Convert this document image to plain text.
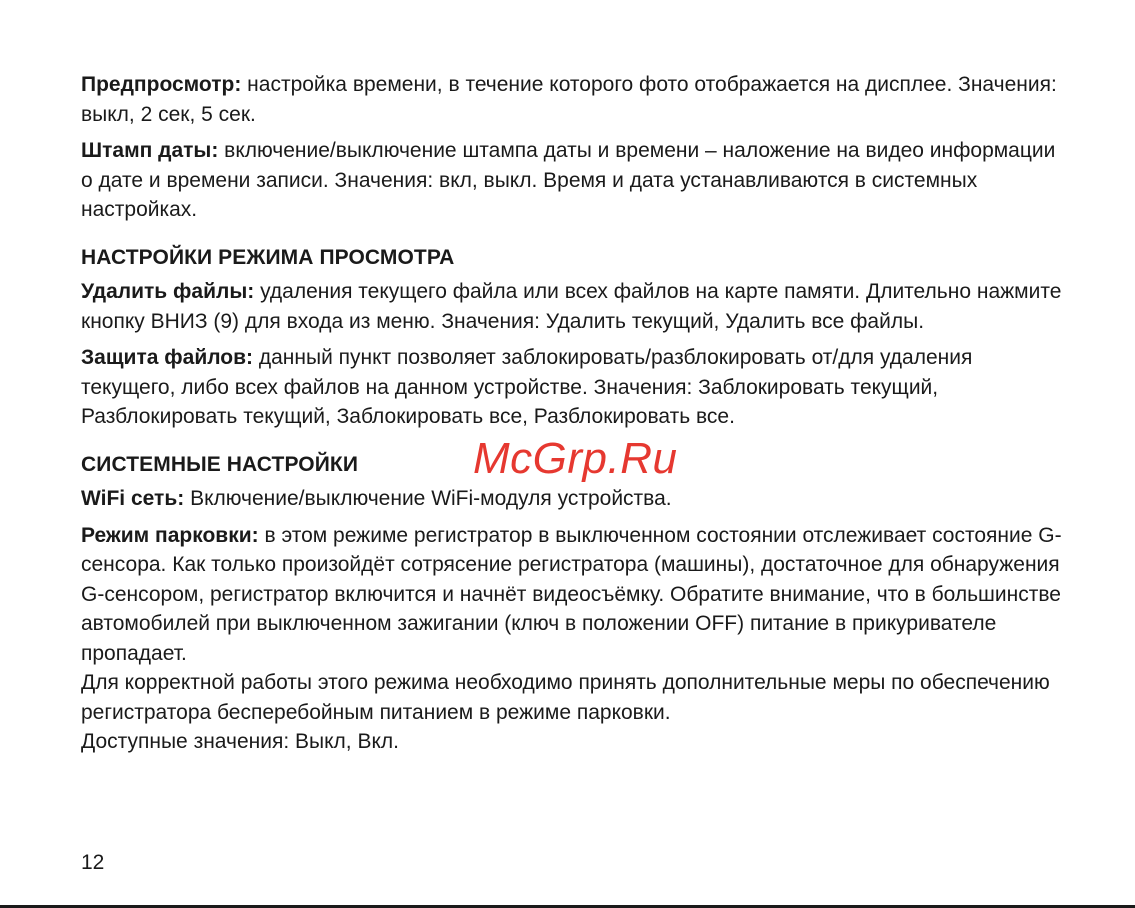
Предпросмотр: настройка времени, в течение которого фото отображается на дисплее. Значения: выкл, 2 сек, 5 сек.

Штамп даты: включение/выключение штампа даты и времени – наложение на видео информации о дате и времени записи. Значения: вкл, выкл. Время и дата устанавливаются в системных настройках.

НАСТРОЙКИ РЕЖИМА ПРОСМОТРА

Удалить файлы: удаления текущего файла или всех файлов на карте памяти. Длительно нажмите кнопку ВНИЗ (9) для входа из меню. Значения: Удалить текущий, Удалить все файлы.

Защита файлов: данный пункт позволяет заблокировать/разблокировать от/для удаления текущего, либо всех файлов на данном устройстве. Значения: Заблокировать текущий, Разблокировать текущий, Заблокировать все, Разблокировать все.

СИСТЕМНЫЕ НАСТРОЙКИ

WiFi сеть: Включение/выключение WiFi-модуля устройства.

Режим парковки: в этом режиме регистратор в выключенном состоянии отслеживает состояние G-сенсора. Как только произойдёт сотрясение регистратора (машины), достаточное для обнаружения G-сенсором, регистратор включится и начнёт видеосъёмку. Обратите внимание, что в большинстве автомобилей при выключенном зажигании (ключ в положении OFF) питание в прикуривателе пропадает.

Для корректной работы этого режима необходимо принять дополнительные меры по обеспечению регистратора бесперебойным питанием в режиме парковки.

Доступные значения: Выкл, Вкл.

McGrp.Ru
12
